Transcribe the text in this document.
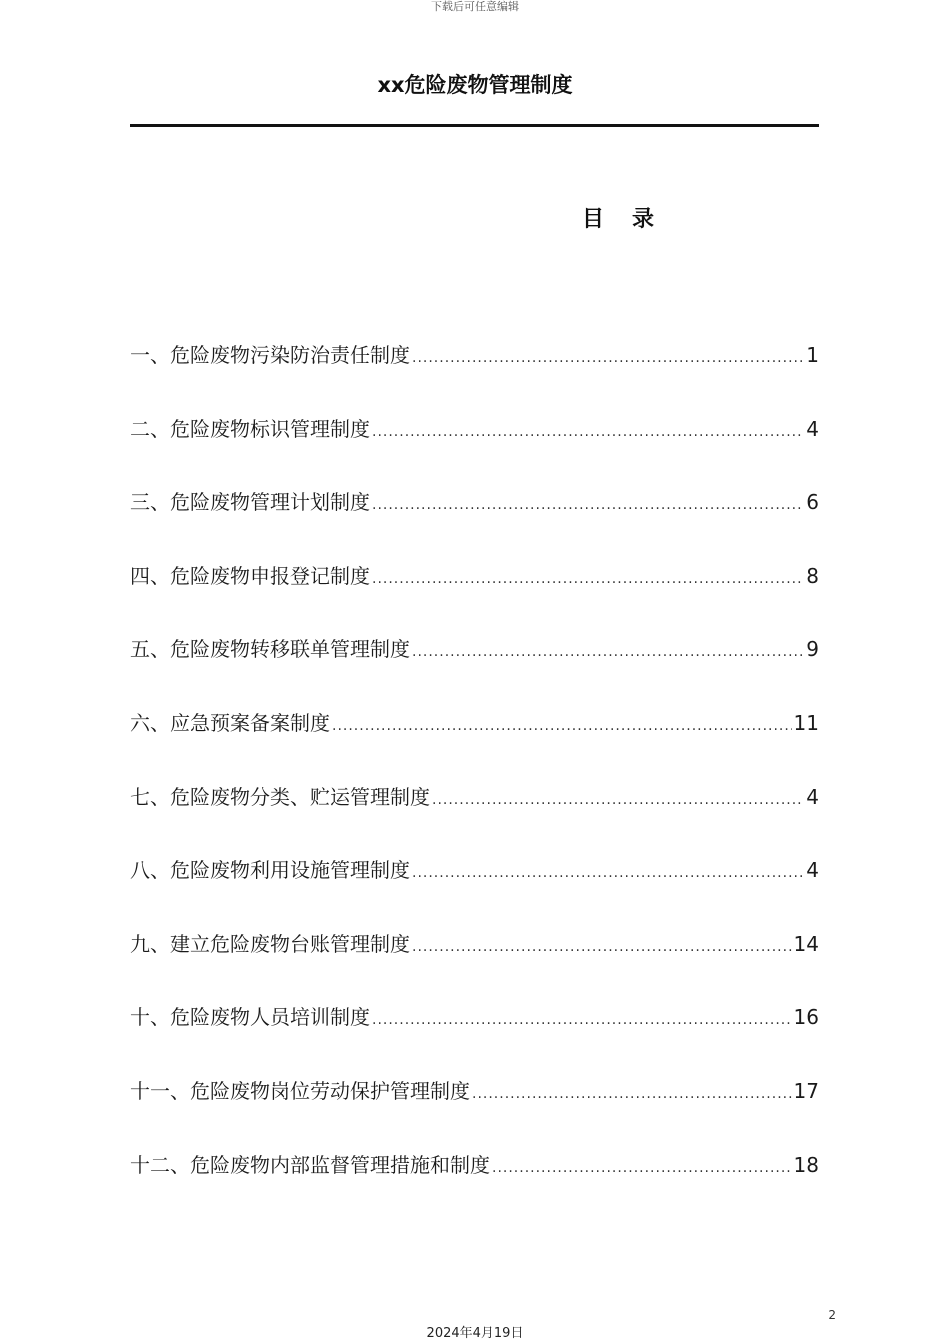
下载后可任意编辑
xx危险废物管理制度
目录
一、危险废物污染防治责任制度 .....	1
二、危险废物标识管理制度 .....	4
三、危险废物管理计划制度 .....	6
四、危险废物申报登记制度 .....	8
五、危险废物转移联单管理制度 .....	9
六、应急预案备案制度 .....	11
七、危险废物分类、贮运管理制度 .....	4
八、危险废物利用设施管理制度 .....	4
九、建立危险废物台账管理制度 .....	14
十、危险废物人员培训制度 .....	16
十一、危险废物岗位劳动保护管理制度 .....	17
十二、危险废物内部监督管理措施和制度 .....	18
2
2024年4月19日
